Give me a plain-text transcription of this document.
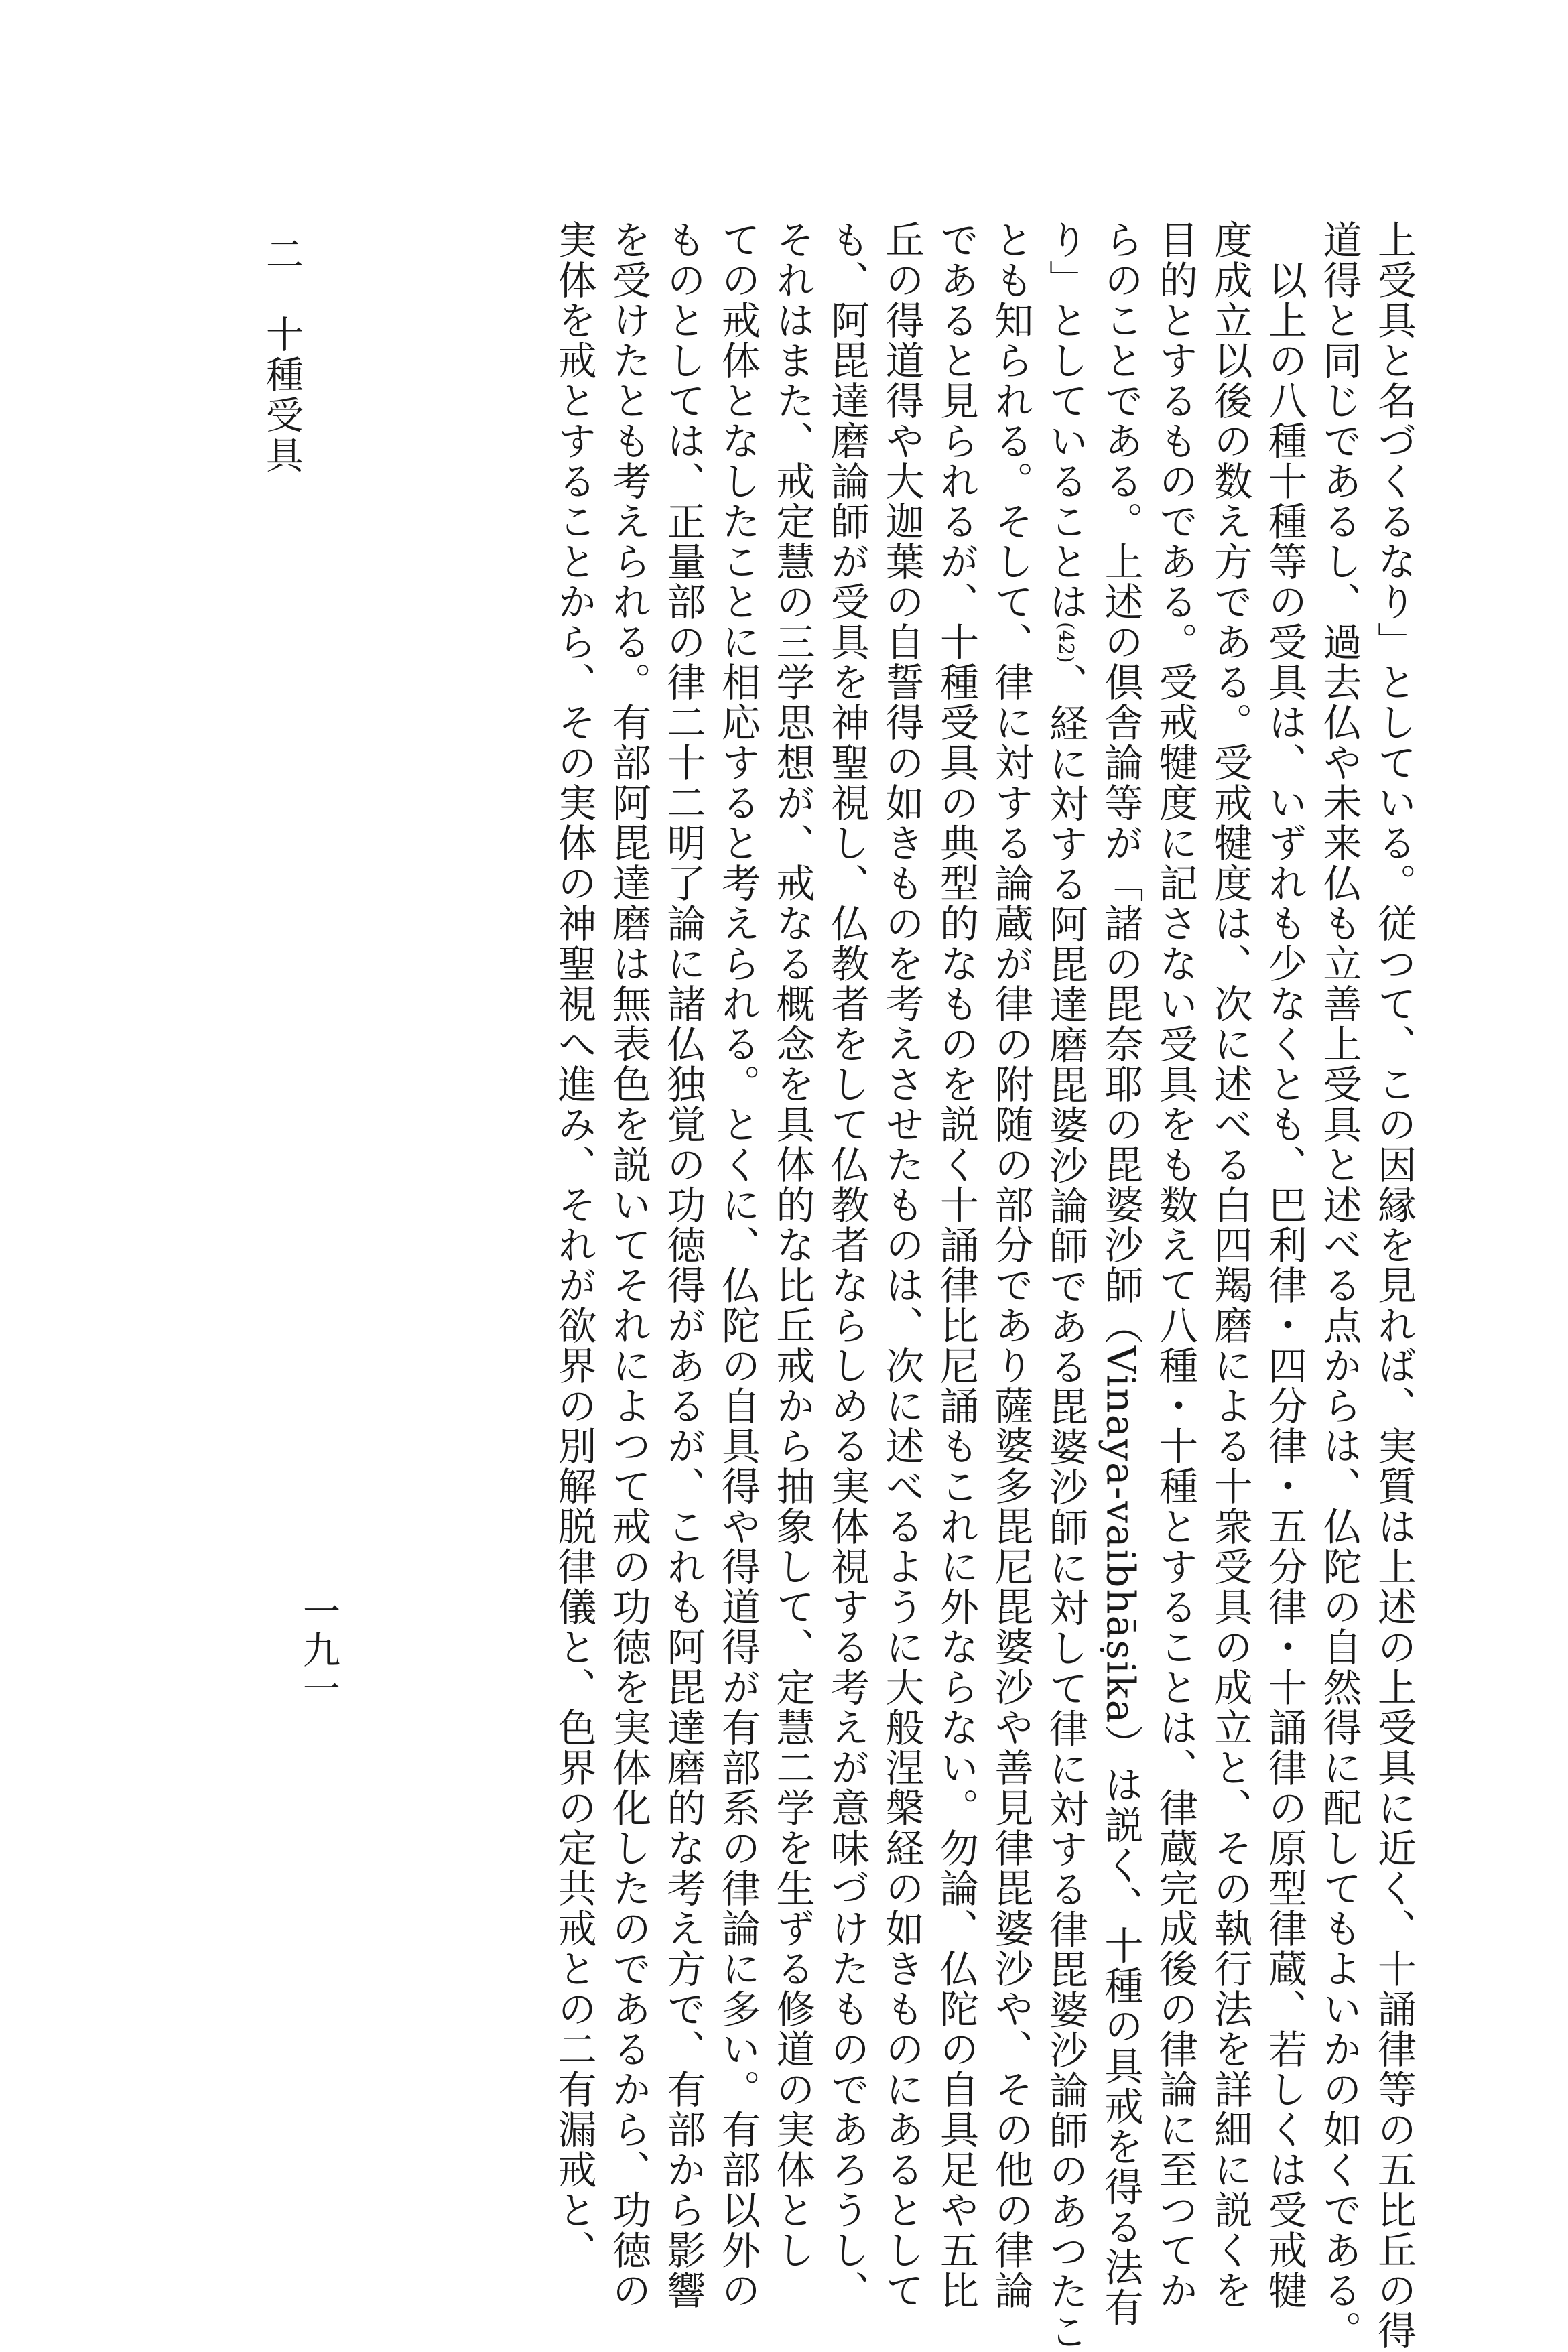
上受具と名づくるなり」としている。従つて、この因縁を見れば、実質は上述の上受具に近く、十誦律等の五比丘の得

道得と同じであるし、過去仏や未来仏も立善上受具と述べる点からは、仏陀の自然得に配してもよいかの如くである。

　以上の八種十種等の受具は、いずれも少なくとも、巴利律・四分律・五分律・十誦律の原型律蔵、若しくは受戒犍

度成立以後の数え方である。受戒犍度は、次に述べる白四羯磨による十衆受具の成立と、その執行法を詳細に説くを

目的とするものである。受戒犍度に記さない受具をも数えて八種・十種とすることは、律蔵完成後の律論に至つてか

らのことである。上述の倶舎論等が「諸の毘奈耶の毘婆沙師（Vinaya-vaibhāṣika）は説く、十種の具戒を得る法有

り」としていることは(42)、経に対する阿毘達磨毘婆沙論師である毘婆沙師に対して律に対する律毘婆沙論師のあつたこ

とも知られる。そして、律に対する論蔵が律の附随の部分であり薩婆多毘尼毘婆沙や善見律毘婆沙や、その他の律論

であると見られるが、十種受具の典型的なものを説く十誦律比尼誦もこれに外ならない。勿論、仏陀の自具足や五比

丘の得道得や大迦葉の自誓得の如きものを考えさせたものは、次に述べるように大般涅槃経の如きものにあるとして

も、阿毘達磨論師が受具を神聖視し、仏教者をして仏教者ならしめる実体視する考えが意味づけたものであろうし、

それはまた、戒定慧の三学思想が、戒なる概念を具体的な比丘戒から抽象して、定慧二学を生ずる修道の実体とし

ての戒体となしたことに相応すると考えられる。とくに、仏陀の自具得や得道得が有部系の律論に多い。有部以外の

ものとしては、正量部の律二十二明了論に諸仏独覚の功徳得があるが、これも阿毘達磨的な考え方で、有部から影響

を受けたとも考えられる。有部阿毘達磨は無表色を説いてそれによつて戒の功徳を実体化したのであるから、功徳の

実体を戒とすることから、その実体の神聖視へ進み、それが欲界の別解脱律儀と、色界の定共戒との二有漏戒と、

二　十種受具
一九一
